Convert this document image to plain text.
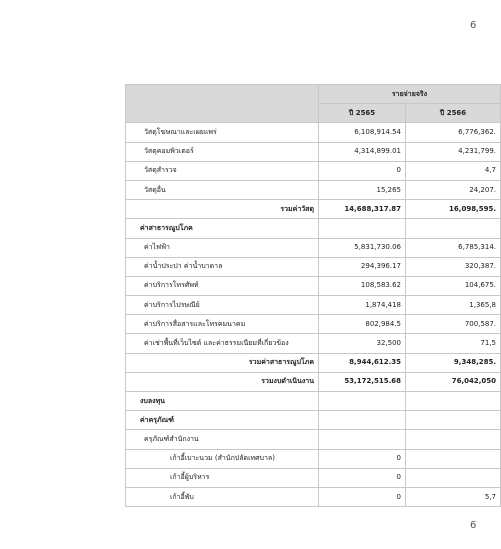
6
	รายจ่ายจริง	
	ปี 2565	ปี 2566
วัสดุโฆษณาและเผยแพร่	6,108,914.54	6,776,362.
วัสดุคอมพิวเตอร์	4,314,899.01	4,231,799.
วัสดุสำรวจ	0	4,7
วัสดุอื่น	15,265	24,207.
รวมค่าวัสดุ	14,688,317.87	16,098,595.
ค่าสาธารณูปโภค		
ค่าไฟฟ้า	5,831,730.06	6,785,314.
ค่าน้ำประปา ค่าน้ำบาดาล	294,396.17	320,387.
ค่าบริการโทรศัพท์	108,583.62	104,675.
ค่าบริการไปรษณีย์	1,874,418	1,365,8
ค่าบริการสื่อสารและโทรคมนาคม	802,984.5	700,587.
ค่าเช่าพื้นที่เว็บไซต์ และค่าธรรมเนียมที่เกี่ยวข้อง	32,500	71,5
รวมค่าสาธารณูปโภค	8,944,612.35	9,348,285.
รวมงบดำเนินงาน	53,172,515.68	76,042,050
งบลงทุน		
ค่าครุภัณฑ์		
ครุภัณฑ์สำนักงาน		
เก้าอี้เบาะนวม (สำนักปลัดเทศบาล)	0	
เก้าอี้ผู้บริหาร	0	
เก้าอี้พับ	0	5,7
6
